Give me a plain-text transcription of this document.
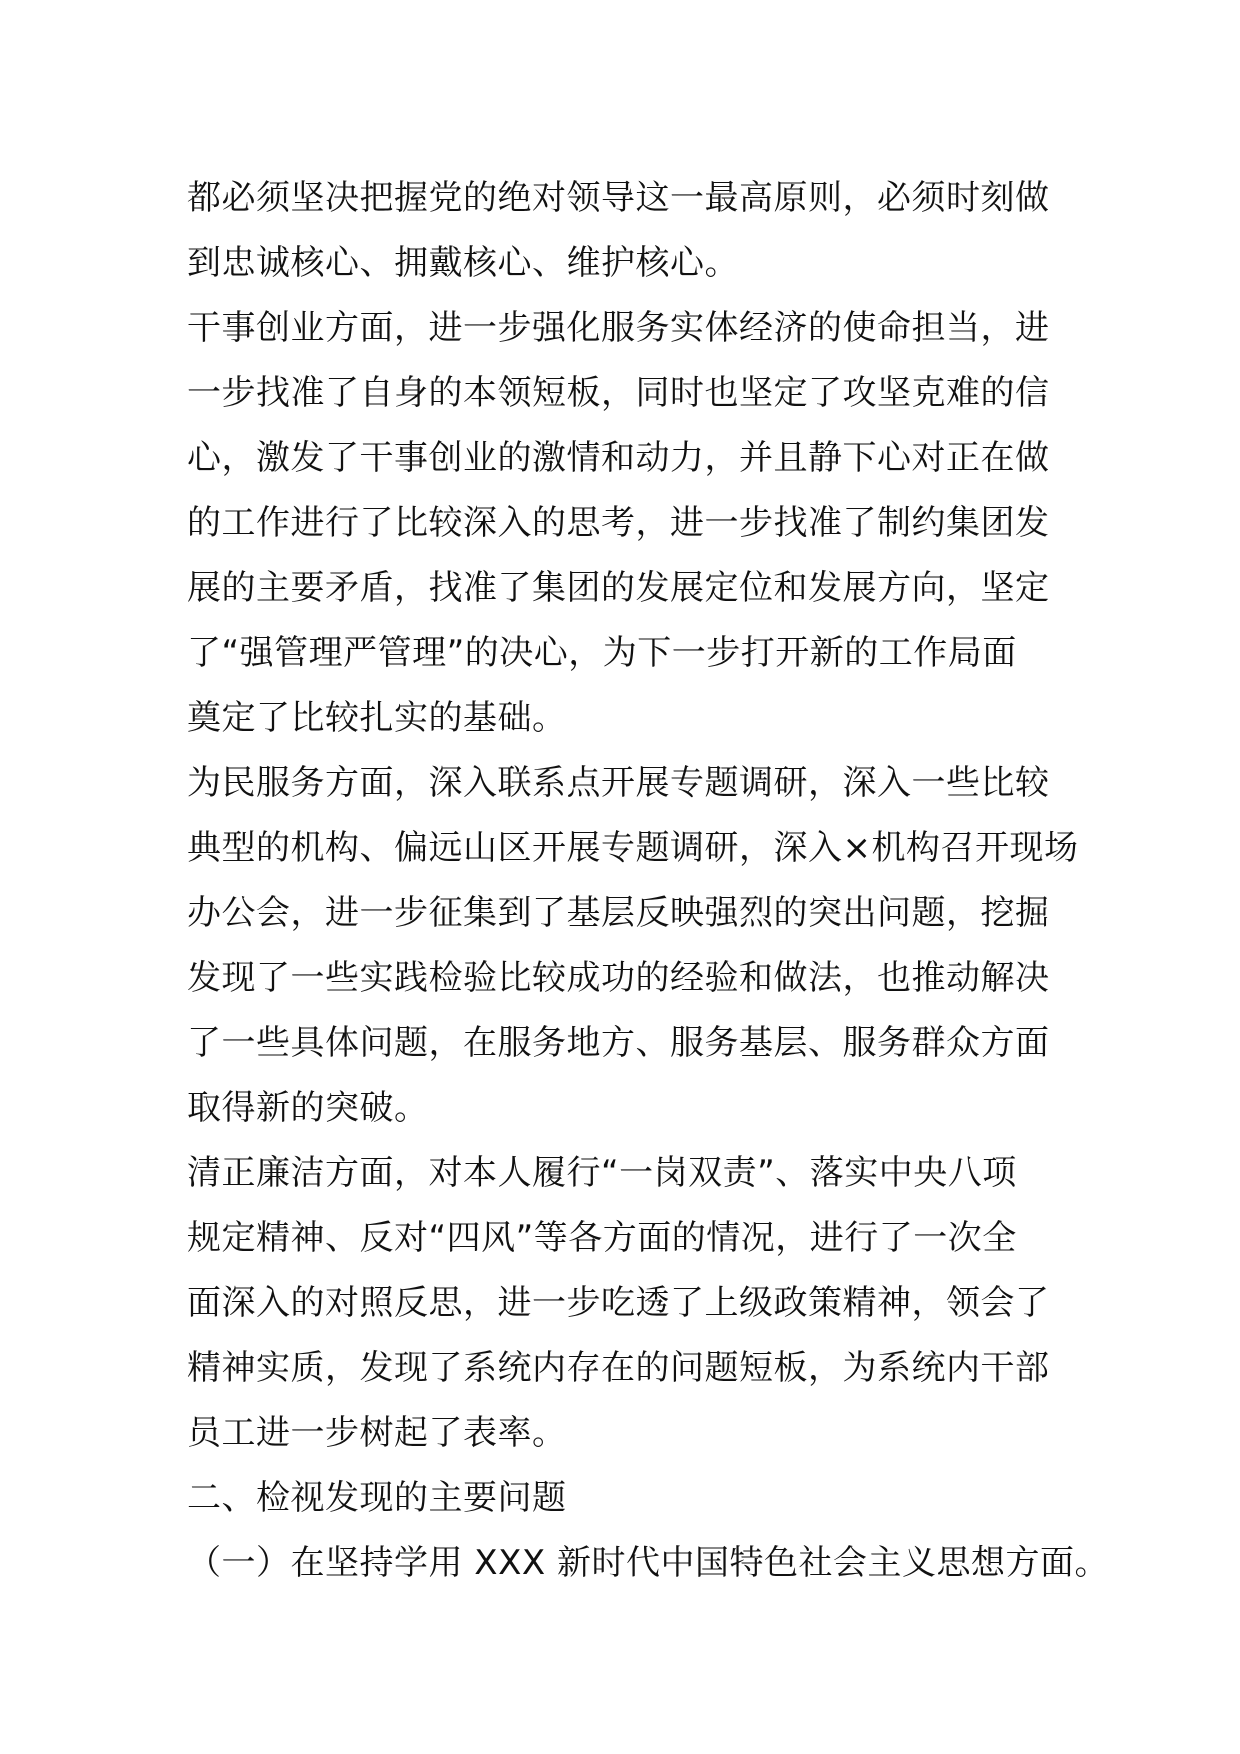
都必须坚决把握党的绝对领导这一最高原则，必须时刻做
到忠诚核心、拥戴核心、维护核心。
干事创业方面，进一步强化服务实体经济的使命担当，进
一步找准了自身的本领短板，同时也坚定了攻坚克难的信
心，激发了干事创业的激情和动力，并且静下心对正在做
的工作进行了比较深入的思考，进一步找准了制约集团发
展的主要矛盾，找准了集团的发展定位和发展方向，坚定
了“强管理严管理”的决心，为下一步打开新的工作局面
奠定了比较扎实的基础。
为民服务方面，深入联系点开展专题调研，深入一些比较
典型的机构、偏远山区开展专题调研，深入×机构召开现场
办公会，进一步征集到了基层反映强烈的突出问题，挖掘
发现了一些实践检验比较成功的经验和做法，也推动解决
了一些具体问题，在服务地方、服务基层、服务群众方面
取得新的突破。
清正廉洁方面，对本人履行“一岗双责”、落实中央八项
规定精神、反对“四风”等各方面的情况，进行了一次全
面深入的对照反思，进一步吃透了上级政策精神，领会了
精神实质，发现了系统内存在的问题短板，为系统内干部
员工进一步树起了表率。
二、检视发现的主要问题
（一）在坚持学用 XXX 新时代中国特色社会主义思想方面。
